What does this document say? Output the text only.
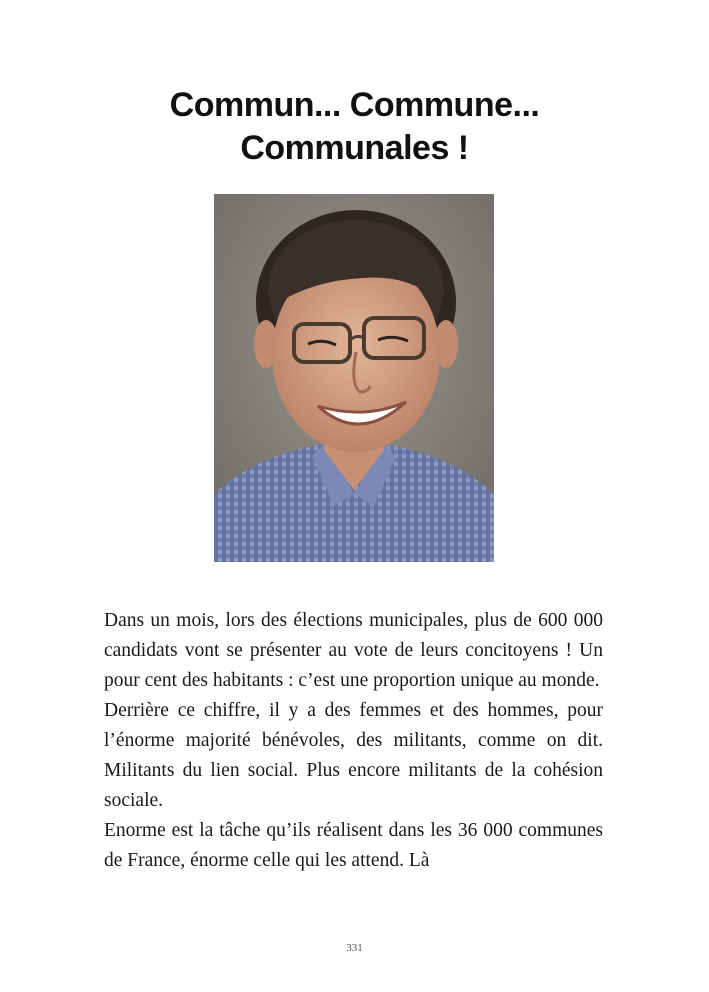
Commun... Commune...
Communales !

Dans un mois, lors des élections municipales, plus de 600 000 candidats vont se présenter au vote de leurs concitoyens ! Un pour cent des habitants : c’est une proportion unique au monde.

Derrière ce chiffre, il y a des femmes et des hommes, pour l’énorme majorité bénévoles, des militants, comme on dit. Militants du lien social. Plus encore militants de la cohésion sociale.

Enorme est la tâche qu’ils réalisent dans les 36 000 communes de France, énorme celle qui les attend. Là

331
